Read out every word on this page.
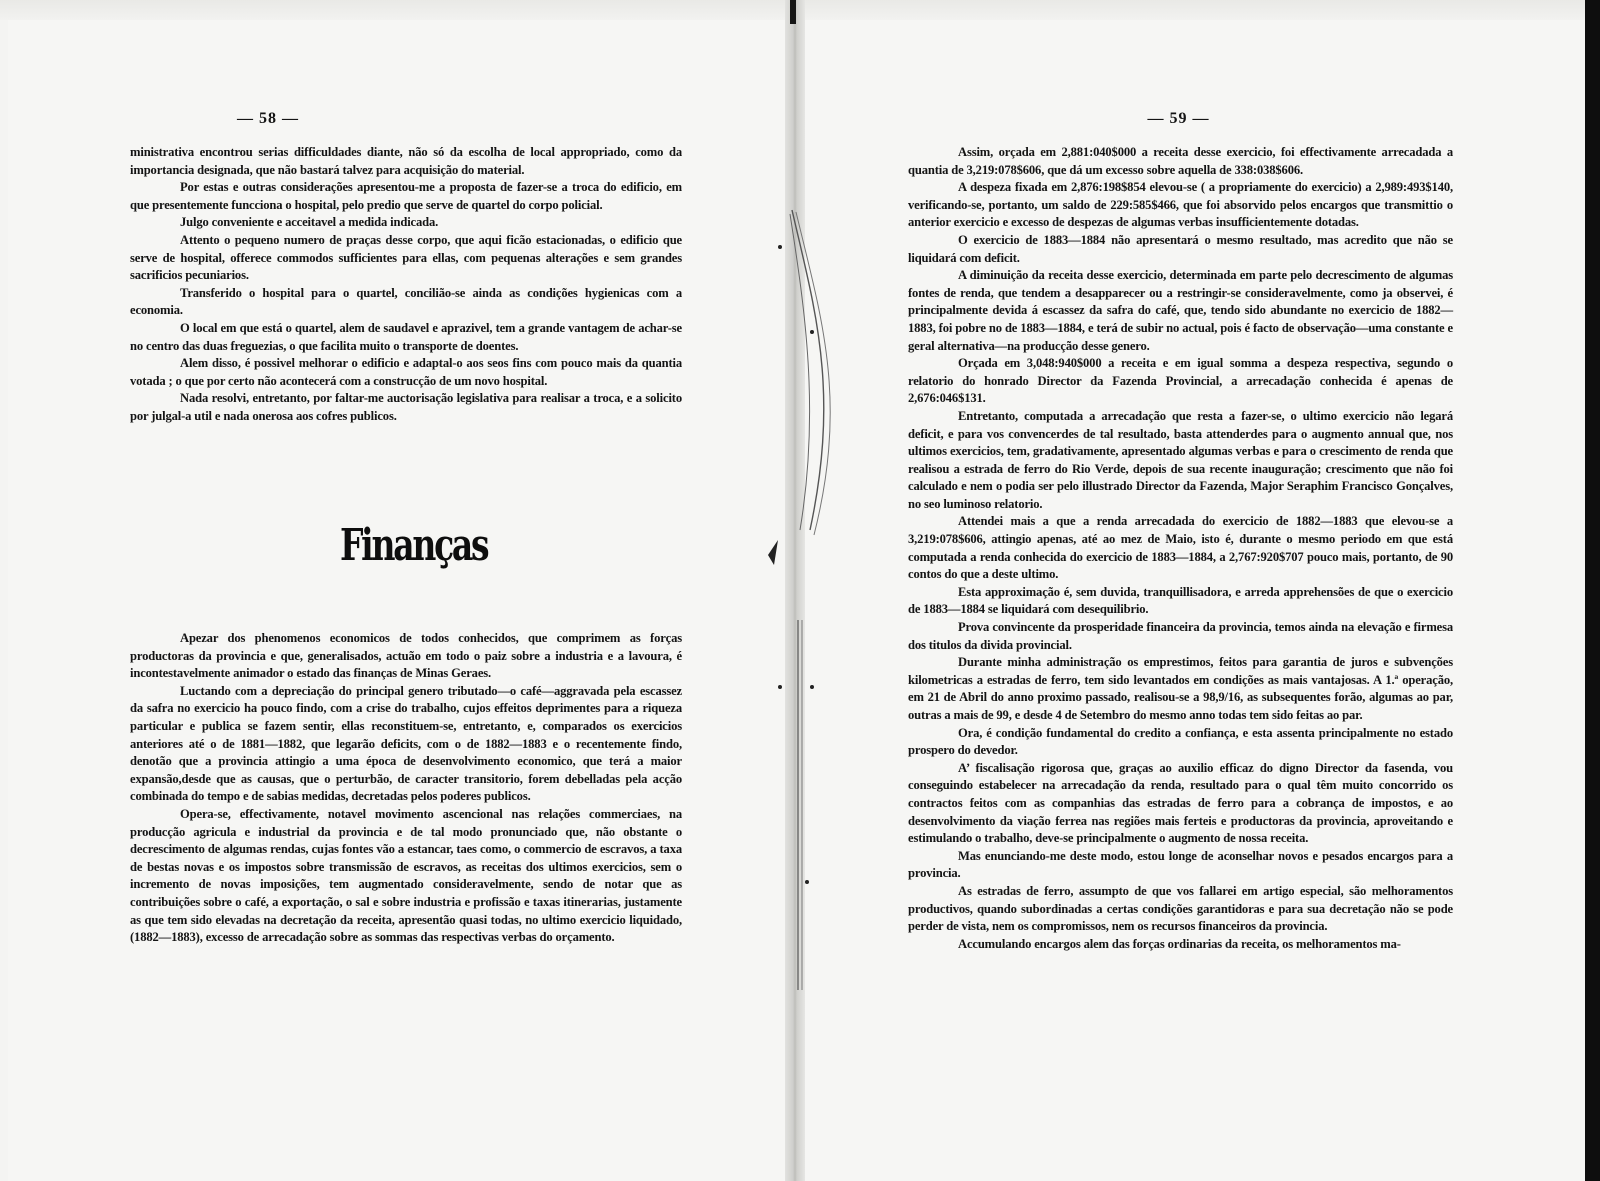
— 58 —

ministrativa encontrou serias difficuldades diante, não só da escolha de local appropriado, como da importancia designada, que não bastará talvez para acquisição do material.

Por estas e outras considerações apresentou-me a proposta de fazer-se a troca do edificio, em que presentemente funcciona o hospital, pelo predio que serve de quartel do corpo policial.

Julgo conveniente e acceitavel a medida indicada.

Attento o pequeno numero de praças desse corpo, que aqui ficão estacionadas, o edificio que serve de hospital, offerece commodos sufficientes para ellas, com pequenas alterações e sem grandes sacrificios pecuniarios.

Transferido o hospital para o quartel, concilião-se ainda as condições hygienicas com a economia.

O local em que está o quartel, alem de saudavel e aprazivel, tem a grande vantagem de achar-se no centro das duas freguezias, o que facilita muito o transporte de doentes.

Alem disso, é possivel melhorar o edificio e adaptal-o aos seos fins com pouco mais da quantia votada ; o que por certo não acontecerá com a construcção de um novo hospital.

Nada resolvi, entretanto, por faltar-me auctorisação legislativa para realisar a troca, e a solicito por julgal-a util e nada onerosa aos cofres publicos.

Finanças

Apezar dos phenomenos economicos de todos conhecidos, que comprimem as forças productoras da provincia e que, generalisados, actuão em todo o paiz sobre a industria e a lavoura, é incontestavelmente animador o estado das finanças de Minas Geraes.

Luctando com a depreciação do principal genero tributado—o café—aggravada pela escassez da safra no exercicio ha pouco findo, com a crise do trabalho, cujos effeitos deprimentes para a riqueza particular e publica se fazem sentir, ellas reconstituem-se, entretanto, e, comparados os exercicios anteriores até o de 1881—1882, que legarão deficits, com o de 1882—1883 e o recentemente findo, denotão que a provincia attingio a uma época de desenvolvimento economico, que terá a maior expansão,desde que as causas, que o perturbão, de caracter transitorio, forem debelladas pela acção combinada do tempo e de sabias medidas, decretadas pelos poderes publicos.

Opera-se, effectivamente, notavel movimento ascencional nas relações commerciaes, na producção agricula e industrial da provincia e de tal modo pronunciado que, não obstante o decrescimento de algumas rendas, cujas fontes vão a estancar, taes como, o commercio de escravos, a taxa de bestas novas e os impostos sobre transmissão de escravos, as receitas dos ultimos exercicios, sem o incremento de novas imposições, tem augmentado consideravelmente, sendo de notar que as contribuições sobre o café, a exportação, o sal e sobre industria e profissão e taxas itinerarias, justamente as que tem sido elevadas na decretação da receita, apresentão quasi todas, no ultimo exercicio liquidado, (1882—1883), excesso de arrecadação sobre as sommas das respectivas verbas do orçamento.

— 59 —

Assim, orçada em 2,881:040$000 a receita desse exercicio, foi effectivamente arrecadada a quantia de 3,219:078$606, que dá um excesso sobre aquella de 338:038$606.

A despeza fixada em 2,876:198$854 elevou-se ( a propriamente do exercicio) a 2,989:493$140, verificando-se, portanto, um saldo de 229:585$466, que foi absorvido pelos encargos que transmittio o anterior exercicio e excesso de despezas de algumas verbas insufficientemente dotadas.

O exercicio de 1883—1884 não apresentará o mesmo resultado, mas acredito que não se liquidará com deficit.

A diminuição da receita desse exercicio, determinada em parte pelo decrescimento de algumas fontes de renda, que tendem a desapparecer ou a restringir-se consideravelmente, como ja observei, é principalmente devida á escassez da safra do café, que, tendo sido abundante no exercicio de 1882—1883, foi pobre no de 1883—1884, e terá de subir no actual, pois é facto de observação—uma constante e geral alternativa—na producção desse genero.

Orçada em 3,048:940$000 a receita e em igual somma a despeza respectiva, segundo o relatorio do honrado Director da Fazenda Provincial, a arrecadação conhecida é apenas de 2,676:046$131.

Entretanto, computada a arrecadação que resta a fazer-se, o ultimo exercicio não legará deficit, e para vos convencerdes de tal resultado, basta attenderdes para o augmento annual que, nos ultimos exercicios, tem, gradativamente, apresentado algumas verbas e para o crescimento de renda que realisou a estrada de ferro do Rio Verde, depois de sua recente inauguração; crescimento que não foi calculado e nem o podia ser pelo illustrado Director da Fazenda, Major Seraphim Francisco Gonçalves, no seo luminoso relatorio.

Attendei mais a que a renda arrecadada do exercicio de 1882—1883 que elevou-se a 3,219:078$606, attingio apenas, até ao mez de Maio, isto é, durante o mesmo periodo em que está computada a renda conhecida do exercicio de 1883—1884, a 2,767:920$707 pouco mais, portanto, de 90 contos do que a deste ultimo.

Esta approximação é, sem duvida, tranquillisadora, e arreda apprehensões de que o exercicio de 1883—1884 se liquidará com desequilibrio.

Prova convincente da prosperidade financeira da provincia, temos ainda na elevação e firmesa dos titulos da divida provincial.

Durante minha administração os emprestimos, feitos para garantia de juros e subvenções kilometricas a estradas de ferro, tem sido levantados em condições as mais vantajosas. A 1.ª operação, em 21 de Abril do anno proximo passado, realisou-se a 98,9/16, as subsequentes forão, algumas ao par, outras a mais de 99, e desde 4 de Setembro do mesmo anno todas tem sido feitas ao par.

Ora, é condição fundamental do credito a confiança, e esta assenta principalmente no estado prospero do devedor.

A’ fiscalisação rigorosa que, graças ao auxilio efficaz do digno Director da fasenda, vou conseguindo estabelecer na arrecadação da renda, resultado para o qual têm muito concorrido os contractos feitos com as companhias das estradas de ferro para a cobrança de impostos, e ao desenvolvimento da viação ferrea nas regiões mais ferteis e productoras da provincia, aproveitando e estimulando o trabalho, deve-se principalmente o augmento de nossa receita.

Mas enunciando-me deste modo, estou longe de aconselhar novos e pesados encargos para a provincia.

As estradas de ferro, assumpto de que vos fallarei em artigo especial, são melhoramentos productivos, quando subordinadas a certas condições garantidoras e para sua decretação não se pode perder de vista, nem os compromissos, nem os recursos financeiros da provincia.

Accumulando encargos alem das forças ordinarias da receita, os melhoramentos ma-
